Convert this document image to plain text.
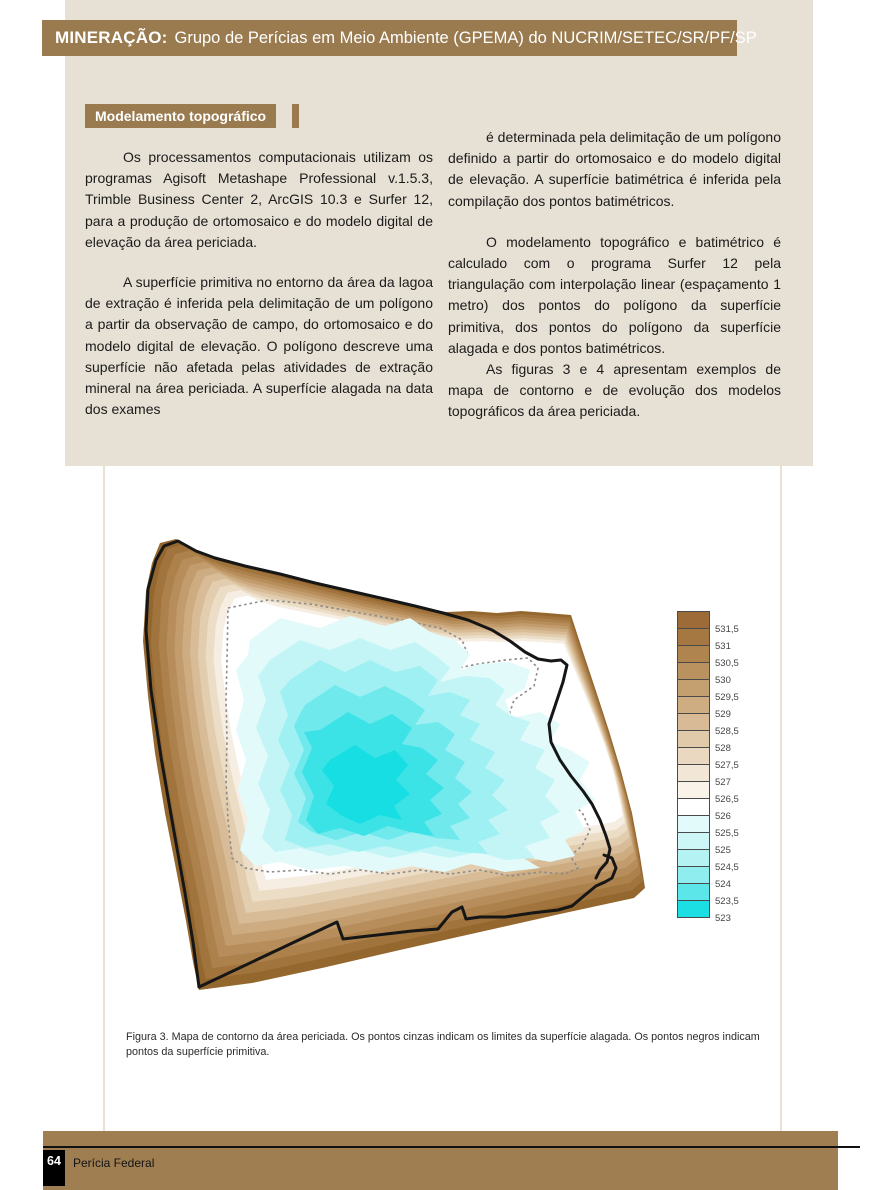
MINERAÇÃO: Grupo de Perícias em Meio Ambiente (GPEMA) do NUCRIM/SETEC/SR/PF/SP
Modelamento topográfico

Os processamentos computacionais utilizam os programas Agisoft Metashape Professional v.1.5.3, Trimble Business Center 2, ArcGIS 10.3 e Surfer 12, para a produção de ortomosaico e do modelo digital de elevação da área periciada.

A superfície primitiva no entorno da área da lagoa de extração é inferida pela delimitação de um polígono a partir da observação de campo, do ortomosaico e do modelo digital de elevação. O polígono descreve uma superfície não afetada pelas atividades de extração mineral na área periciada. A superfície alagada na data dos exames

é determinada pela delimitação de um polígono definido a partir do ortomosaico e do modelo digital de elevação. A superfície batimétrica é inferida pela compilação dos pontos batimétricos.

O modelamento topográfico e batimétrico é calculado com o programa Surfer 12 pela triangulação com interpolação linear (espaçamento 1 metro) dos pontos do polígono da superfície primitiva, dos pontos do polígono da superfície alagada e dos pontos batimétricos.

As figuras 3 e 4 apresentam exemplos de mapa de contorno e de evolução dos modelos topográficos da área periciada.

531,5
531
530,5
530
529,5
529
528,5
528
527,5
527
526,5
526
525,5
525
524,5
524
523,5
523
Figura 3. Mapa de contorno da área periciada. Os pontos cinzas indicam os limites da superfície alagada. Os pontos negros indicam pontos da superfície primitiva.
64	Perícia Federal
